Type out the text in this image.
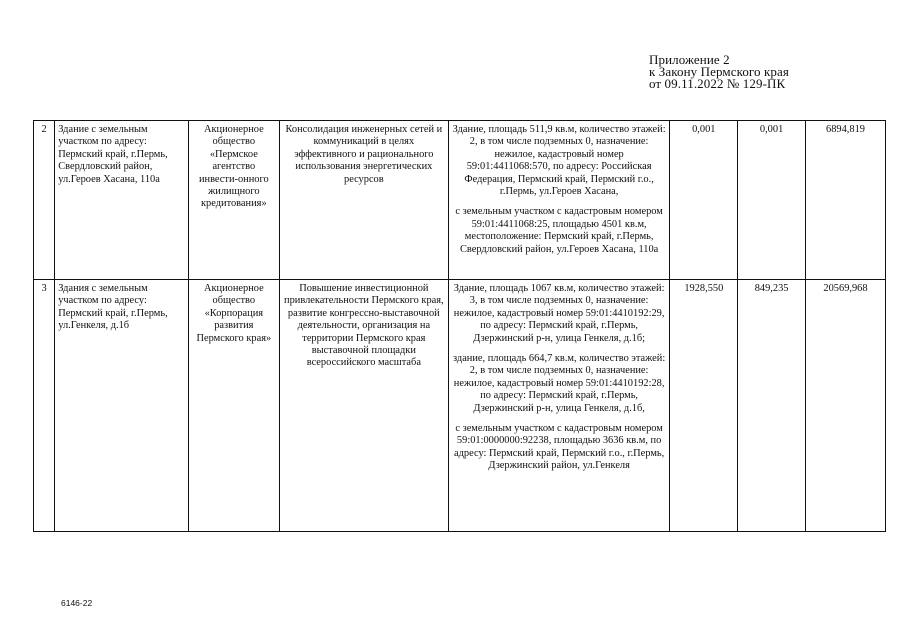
Приложение 2
к Закону Пермского края
от 09.11.2022 № 129-ПК
2	Здание с земельным участком по адресу: Пермский край, г.Пермь, Свердловский район, ул.Героев Хасана, 110а	Акционерное общество «Пермское агентство инвести-онного жилищного кредитования»	Консолидация инженерных сетей и коммуникаций в целях эффективного и рационального использования энергетических ресурсов	Здание, площадь 511,9 кв.м, количество этажей: 2, в том числе подземных 0, назначение: нежилое, кадастровый номер 59:01:4411068:570, по адресу: Российская Федерация, Пермский край, Пермский г.о., г.Пермь, ул.Героев Хасана,

с земельным участком с кадастровым номером 59:01:4411068:25, площадью 4501 кв.м, местоположение: Пермский край, г.Пермь, Свердловский район, ул.Героев Хасана, 110а	0,001	0,001	6894,819
3	Здания с земельным участком по адресу: Пермский край, г.Пермь, ул.Генкеля, д.1б	Акционерное общество «Корпорация развития Пермского края»	Повышение инвестиционной привлекательности Пермского края, развитие конгрессно-выставочной деятельности, организация на территории Пермского края выставочной площадки всероссийского масштаба	Здание, площадь 1067 кв.м, количество этажей: 3, в том числе подземных 0, назначение: нежилое, кадастровый номер 59:01:4410192:29, по адресу: Пермский край, г.Пермь, Дзержинский р-н, улица Генкеля, д.1б;

здание, площадь 664,7 кв.м, количество этажей: 2, в том числе подземных 0, назначение: нежилое, кадастровый номер 59:01:4410192:28, по адресу: Пермский край, г.Пермь, Дзержинский р-н, улица Генкеля, д.1б,

с земельным участком с кадастровым номером 59:01:0000000:92238, площадью 3636 кв.м, по адресу: Пермский край, Пермский г.о., г.Пермь, Дзержинский район, ул.Генкеля	1928,550	849,235	20569,968
6146-22
